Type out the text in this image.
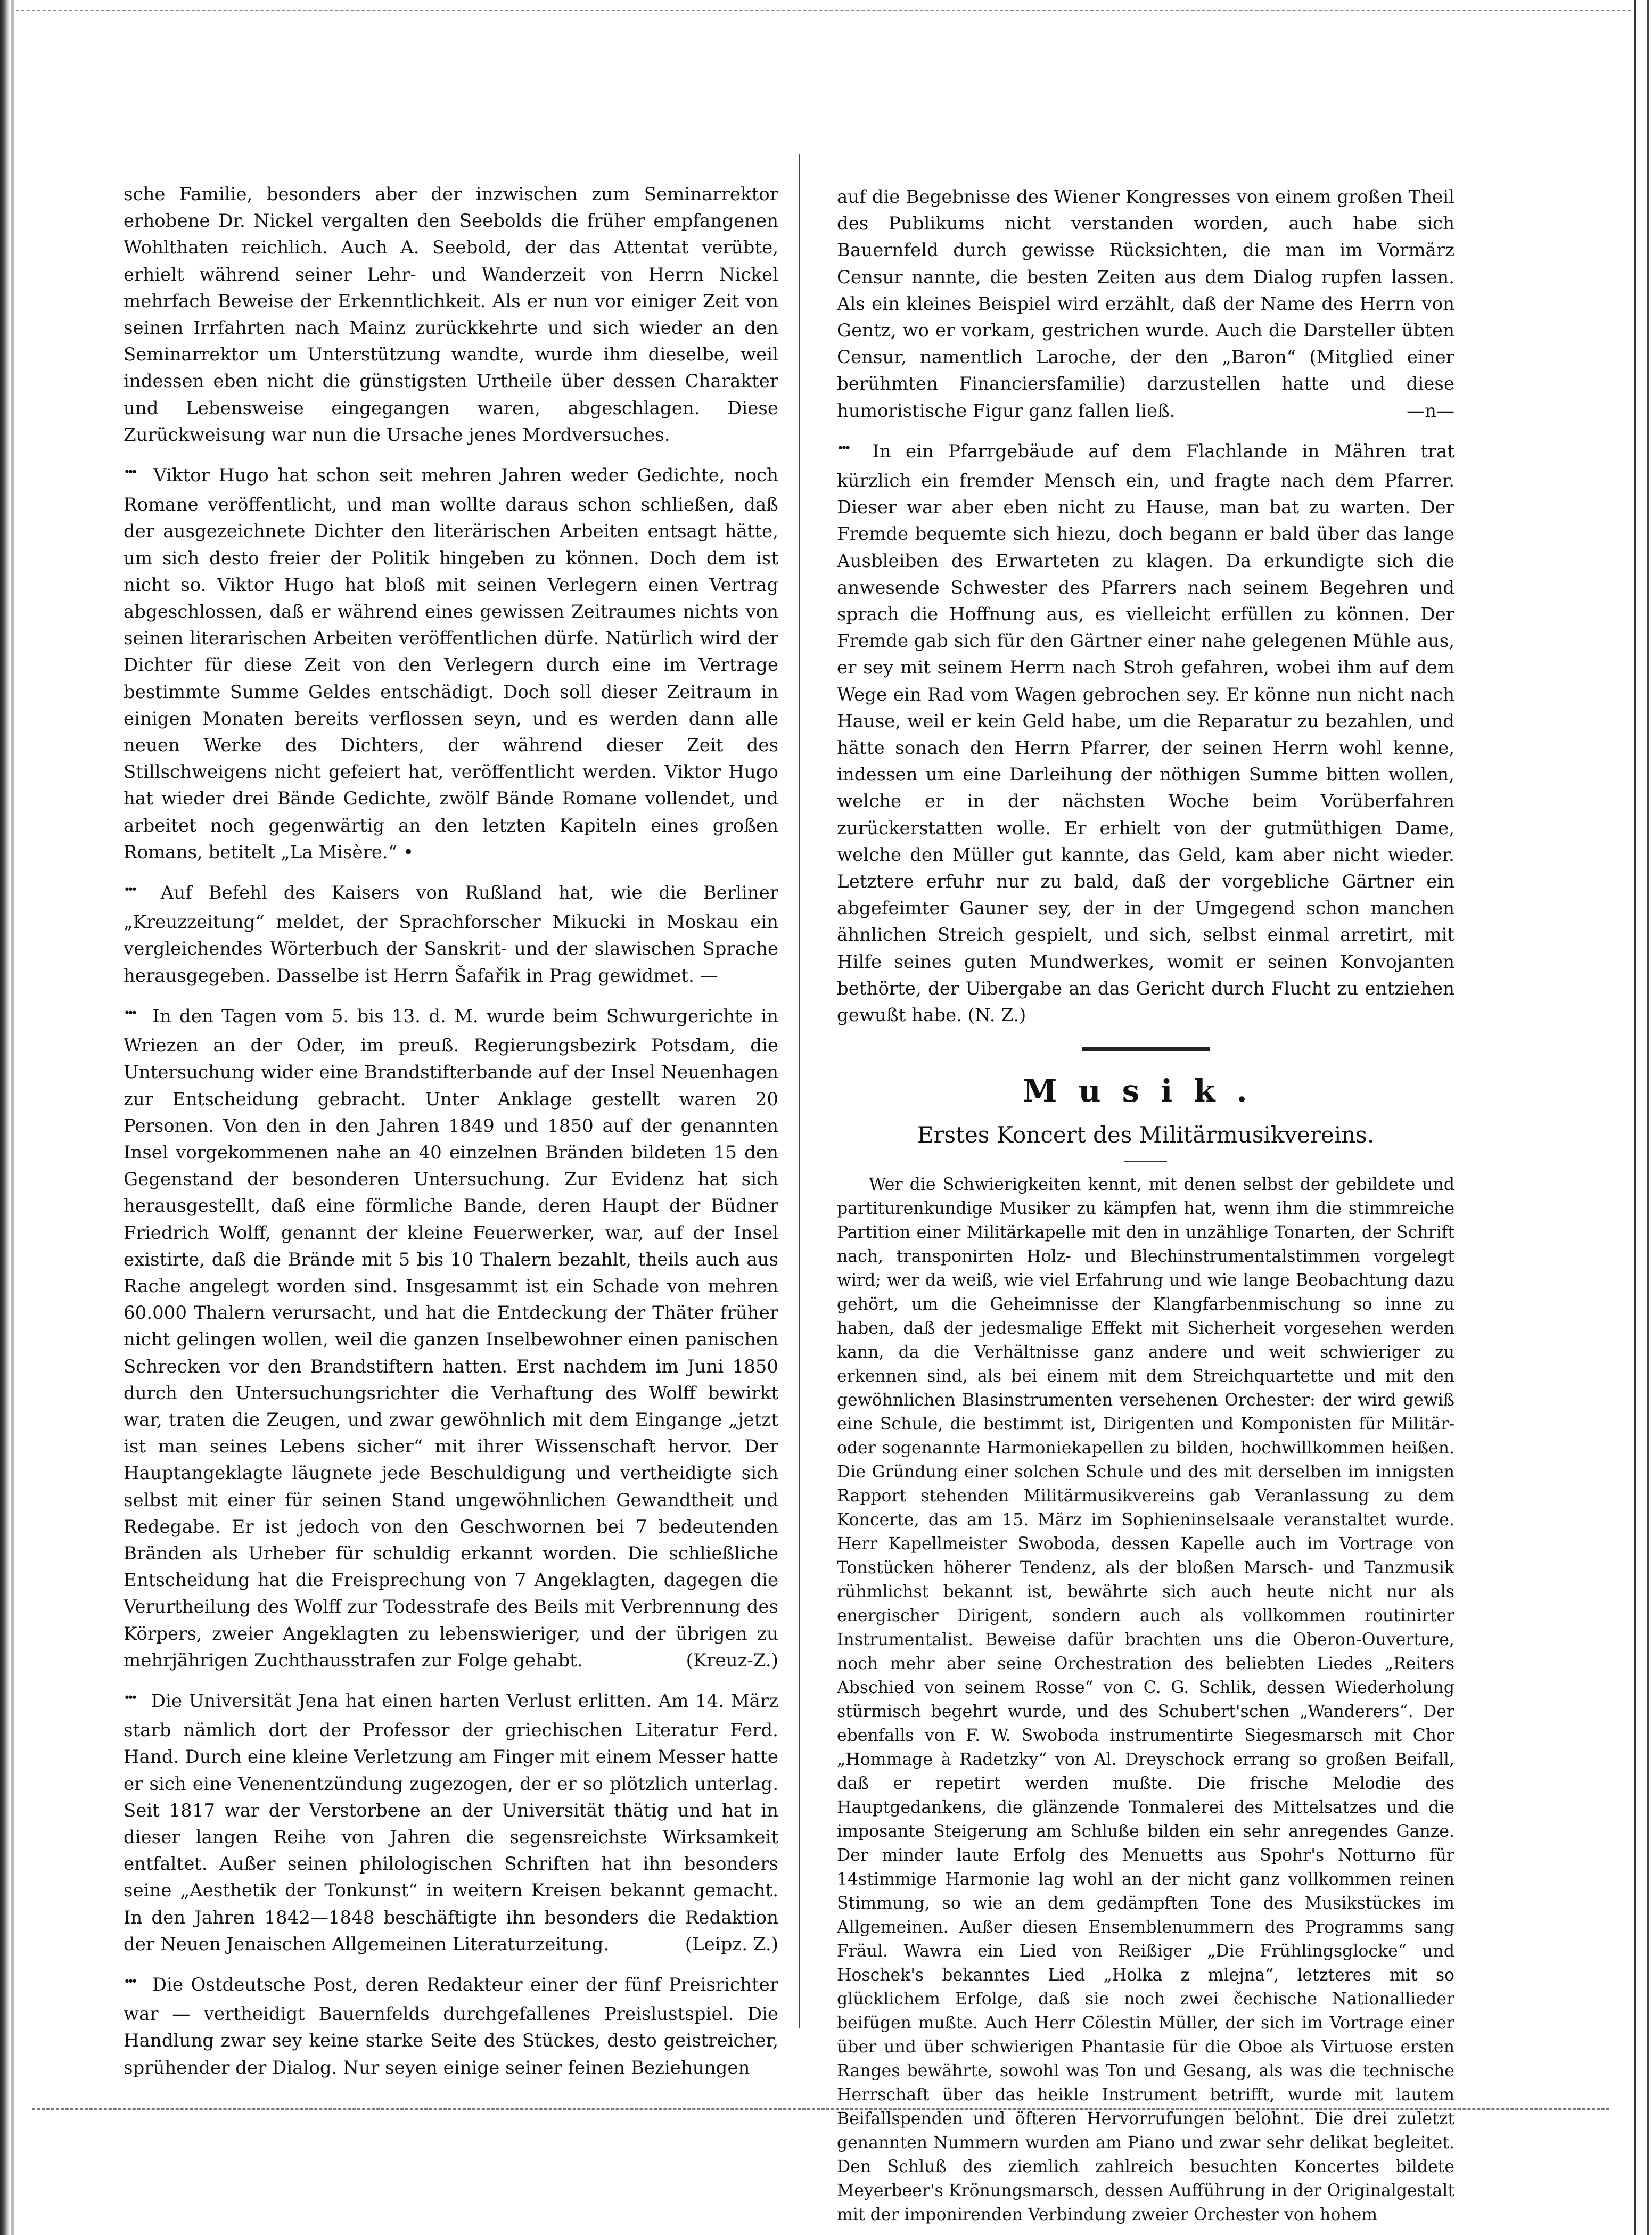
sche Familie, besonders aber der inzwischen zum Seminarrektor erhobene Dr. Nickel vergalten den Seebolds die früher empfangenen Wohlthaten reichlich. Auch A. Seebold, der das Attentat verübte, erhielt während seiner Lehr- und Wanderzeit von Herrn Nickel mehrfach Beweise der Erkenntlichkeit. Als er nun vor einiger Zeit von seinen Irrfahrten nach Mainz zurückkehrte und sich wieder an den Seminarrektor um Unterstützung wandte, wurde ihm dieselbe, weil indessen eben nicht die günstigsten Urtheile über dessen Charakter und Lebensweise eingegangen waren, abgeschlagen. Diese Zurückweisung war nun die Ursache jenes Mordversuches.

••• Viktor Hugo hat schon seit mehren Jahren weder Gedichte, noch Romane veröffentlicht, und man wollte daraus schon schließen, daß der ausgezeichnete Dichter den literärischen Arbeiten entsagt hätte, um sich desto freier der Politik hingeben zu können. Doch dem ist nicht so. Viktor Hugo hat bloß mit seinen Verlegern einen Vertrag abgeschlossen, daß er während eines gewissen Zeitraumes nichts von seinen literarischen Arbeiten veröffentlichen dürfe. Natürlich wird der Dichter für diese Zeit von den Verlegern durch eine im Vertrage bestimmte Summe Geldes entschädigt. Doch soll dieser Zeitraum in einigen Monaten bereits verflossen seyn, und es werden dann alle neuen Werke des Dichters, der während dieser Zeit des Stillschweigens nicht gefeiert hat, veröffentlicht werden. Viktor Hugo hat wieder drei Bände Gedichte, zwölf Bände Romane vollendet, und arbeitet noch gegenwärtig an den letzten Kapiteln eines großen Romans, betitelt „La Misère.“ •

••• Auf Befehl des Kaisers von Rußland hat, wie die Berliner „Kreuzzeitung“ meldet, der Sprachforscher Mikucki in Moskau ein vergleichendes Wörterbuch der Sanskrit- und der slawischen Sprache herausgegeben. Dasselbe ist Herrn Šafařik in Prag gewidmet. —

••• In den Tagen vom 5. bis 13. d. M. wurde beim Schwurgerichte in Wriezen an der Oder, im preuß. Regierungsbezirk Potsdam, die Untersuchung wider eine Brandstifterbande auf der Insel Neuenhagen zur Entscheidung gebracht. Unter Anklage gestellt waren 20 Personen. Von den in den Jahren 1849 und 1850 auf der genannten Insel vorgekommenen nahe an 40 einzelnen Bränden bildeten 15 den Gegenstand der besonderen Untersuchung. Zur Evidenz hat sich herausgestellt, daß eine förmliche Bande, deren Haupt der Büdner Friedrich Wolff, genannt der kleine Feuerwerker, war, auf der Insel existirte, daß die Brände mit 5 bis 10 Thalern bezahlt, theils auch aus Rache angelegt worden sind. Insgesammt ist ein Schade von mehren 60.000 Thalern verursacht, und hat die Entdeckung der Thäter früher nicht gelingen wollen, weil die ganzen Inselbewohner einen panischen Schrecken vor den Brandstiftern hatten. Erst nachdem im Juni 1850 durch den Untersuchungsrichter die Verhaftung des Wolff bewirkt war, traten die Zeugen, und zwar gewöhnlich mit dem Eingange „jetzt ist man seines Lebens sicher“ mit ihrer Wissenschaft hervor. Der Hauptangeklagte läugnete jede Beschuldigung und vertheidigte sich selbst mit einer für seinen Stand ungewöhnlichen Gewandtheit und Redegabe. Er ist jedoch von den Geschwornen bei 7 bedeutenden Bränden als Urheber für schuldig erkannt worden. Die schließliche Entscheidung hat die Freisprechung von 7 Angeklagten, dagegen die Verurtheilung des Wolff zur Todesstrafe des Beils mit Verbrennung des Körpers, zweier Angeklagten zu lebenswieriger, und der übrigen zu mehrjährigen Zuchthausstrafen zur Folge gehabt.	(Kreuz-Z.)

••• Die Universität Jena hat einen harten Verlust erlitten. Am 14. März starb nämlich dort der Professor der griechischen Literatur Ferd. Hand. Durch eine kleine Verletzung am Finger mit einem Messer hatte er sich eine Venenentzündung zugezogen, der er so plötzlich unterlag. Seit 1817 war der Verstorbene an der Universität thätig und hat in dieser langen Reihe von Jahren die segensreichste Wirksamkeit entfaltet. Außer seinen philologischen Schriften hat ihn besonders seine „Aesthetik der Tonkunst“ in weitern Kreisen bekannt gemacht. In den Jahren 1842—1848 beschäftigte ihn besonders die Redaktion der Neuen Jenaischen Allgemeinen Literaturzeitung.	(Leipz. Z.)

••• Die Ostdeutsche Post, deren Redakteur einer der fünf Preisrichter war — vertheidigt Bauernfelds durchgefallenes Preislustspiel. Die Handlung zwar sey keine starke Seite des Stückes, desto geistreicher, sprühender der Dialog. Nur seyen einige seiner feinen Beziehungen

auf die Begebnisse des Wiener Kongresses von einem großen Theil des Publikums nicht verstanden worden, auch habe sich Bauernfeld durch gewisse Rücksichten, die man im Vormärz Censur nannte, die besten Zeiten aus dem Dialog rupfen lassen. Als ein kleines Beispiel wird erzählt, daß der Name des Herrn von Gentz, wo er vorkam, gestrichen wurde. Auch die Darsteller übten Censur, namentlich Laroche, der den „Baron“ (Mitglied einer berühmten Financiersfamilie) darzustellen hatte und diese humoristische Figur ganz fallen ließ.	—n—

••• In ein Pfarrgebäude auf dem Flachlande in Mähren trat kürzlich ein fremder Mensch ein, und fragte nach dem Pfarrer. Dieser war aber eben nicht zu Hause, man bat zu warten. Der Fremde bequemte sich hiezu, doch begann er bald über das lange Ausbleiben des Erwarteten zu klagen. Da erkundigte sich die anwesende Schwester des Pfarrers nach seinem Begehren und sprach die Hoffnung aus, es vielleicht erfüllen zu können. Der Fremde gab sich für den Gärtner einer nahe gelegenen Mühle aus, er sey mit seinem Herrn nach Stroh gefahren, wobei ihm auf dem Wege ein Rad vom Wagen gebrochen sey. Er könne nun nicht nach Hause, weil er kein Geld habe, um die Reparatur zu bezahlen, und hätte sonach den Herrn Pfarrer, der seinen Herrn wohl kenne, indessen um eine Darleihung der nöthigen Summe bitten wollen, welche er in der nächsten Woche beim Vorüberfahren zurückerstatten wolle. Er erhielt von der gutmüthigen Dame, welche den Müller gut kannte, das Geld, kam aber nicht wieder. Letztere erfuhr nur zu bald, daß der vorgebliche Gärtner ein abgefeimter Gauner sey, der in der Umgegend schon manchen ähnlichen Streich gespielt, und sich, selbst einmal arretirt, mit Hilfe seines guten Mundwerkes, womit er seinen Konvojanten bethörte, der Uibergabe an das Gericht durch Flucht zu entziehen gewußt habe. (N. Z.)

Musik.
Erstes Koncert des Militärmusikvereins.

Wer die Schwierigkeiten kennt, mit denen selbst der gebildete und partiturenkundige Musiker zu kämpfen hat, wenn ihm die stimmreiche Partition einer Militärkapelle mit den in unzählige Tonarten, der Schrift nach, transponirten Holz- und Blechinstrumentalstimmen vorgelegt wird; wer da weiß, wie viel Erfahrung und wie lange Beobachtung dazu gehört, um die Geheimnisse der Klangfarbenmischung so inne zu haben, daß der jedesmalige Effekt mit Sicherheit vorgesehen werden kann, da die Verhältnisse ganz andere und weit schwieriger zu erkennen sind, als bei einem mit dem Streichquartette und mit den gewöhnlichen Blasinstrumenten versehenen Orchester: der wird gewiß eine Schule, die bestimmt ist, Dirigenten und Komponisten für Militär- oder sogenannte Harmoniekapellen zu bilden, hochwillkommen heißen. Die Gründung einer solchen Schule und des mit derselben im innigsten Rapport stehenden Militärmusikvereins gab Veranlassung zu dem Koncerte, das am 15. März im Sophieninselsaale veranstaltet wurde. Herr Kapellmeister Swoboda, dessen Kapelle auch im Vortrage von Tonstücken höherer Tendenz, als der bloßen Marsch- und Tanzmusik rühmlichst bekannt ist, bewährte sich auch heute nicht nur als energischer Dirigent, sondern auch als vollkommen routinirter Instrumentalist. Beweise dafür brachten uns die Oberon-Ouverture, noch mehr aber seine Orchestration des beliebten Liedes „Reiters Abschied von seinem Rosse“ von C. G. Schlik, dessen Wiederholung stürmisch begehrt wurde, und des Schubert'schen „Wanderers“. Der ebenfalls von F. W. Swoboda instrumentirte Siegesmarsch mit Chor „Hommage à Radetzky“ von Al. Dreyschock errang so großen Beifall, daß er repetirt werden mußte. Die frische Melodie des Hauptgedankens, die glänzende Tonmalerei des Mittelsatzes und die imposante Steigerung am Schluße bilden ein sehr anregendes Ganze. Der minder laute Erfolg des Menuetts aus Spohr's Notturno für 14stimmige Harmonie lag wohl an der nicht ganz vollkommen reinen Stimmung, so wie an dem gedämpften Tone des Musikstückes im Allgemeinen. Außer diesen Ensemblenummern des Programms sang Fräul. Wawra ein Lied von Reißiger „Die Frühlingsglocke“ und Hoschek's bekanntes Lied „Holka z mlejna“, letzteres mit so glücklichem Erfolge, daß sie noch zwei čechische Nationallieder beifügen mußte. Auch Herr Cölestin Müller, der sich im Vortrage einer über und über schwierigen Phantasie für die Oboe als Virtuose ersten Ranges bewährte, sowohl was Ton und Gesang, als was die technische Herrschaft über das heikle Instrument betrifft, wurde mit lautem Beifallspenden und öfteren Hervorrufungen belohnt. Die drei zuletzt genannten Nummern wurden am Piano und zwar sehr delikat begleitet. Den Schluß des ziemlich zahlreich besuchten Koncertes bildete Meyerbeer's Krönungsmarsch, dessen Aufführung in der Originalgestalt mit der imponirenden Verbindung zweier Orchester von hohem
